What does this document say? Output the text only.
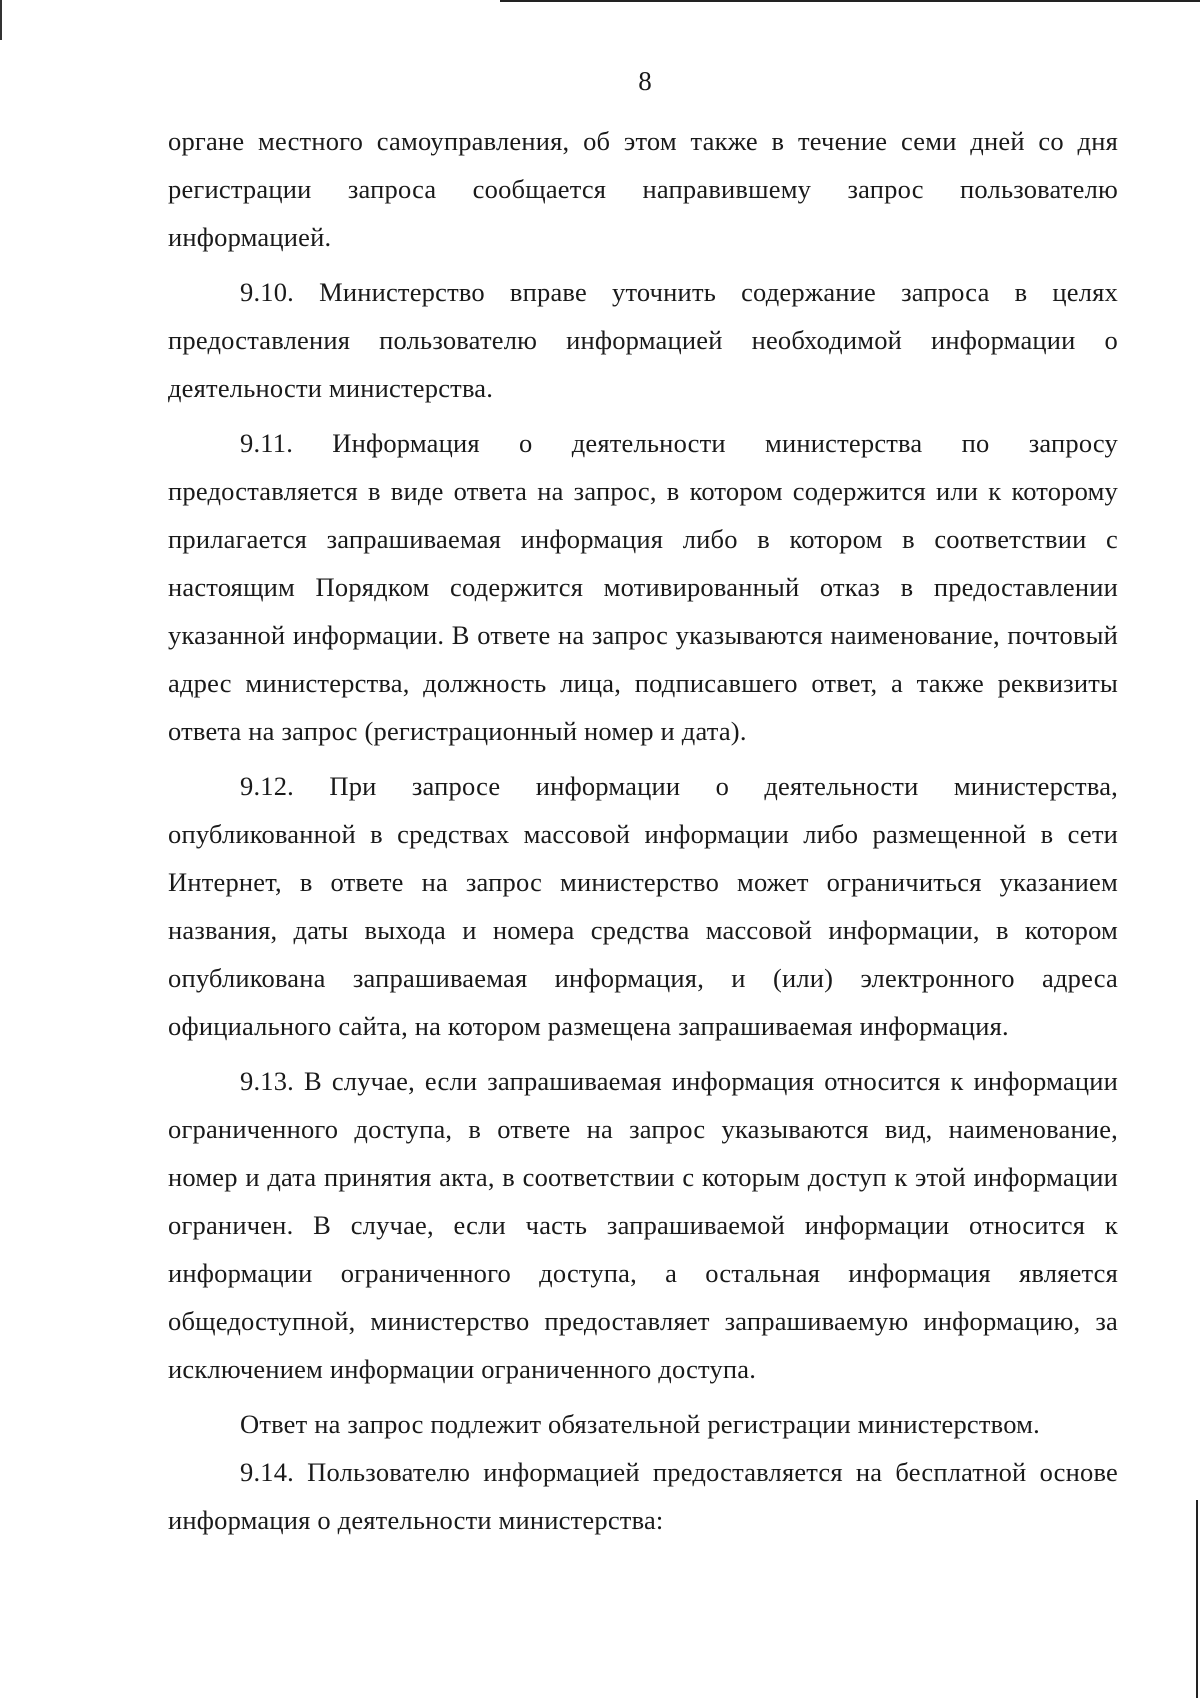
8

органе местного самоуправления, об этом также в течение семи дней со дня регистрации запроса сообщается направившему запрос пользователю информацией.

9.10. Министерство вправе уточнить содержание запроса в целях предоставления пользователю информацией необходимой информации о деятельности министерства.

9.11. Информация о деятельности министерства по запросу предоставляется в виде ответа на запрос, в котором содержится или к которому прилагается запрашиваемая информация либо в котором в соответствии с настоящим Порядком содержится мотивированный отказ в предоставлении указанной информации. В ответе на запрос указываются наименование, почтовый адрес министерства, должность лица, подписавшего ответ, а также реквизиты ответа на запрос (регистрационный номер и дата).

9.12. При запросе информации о деятельности министерства, опубликованной в средствах массовой информации либо размещенной в сети Интернет, в ответе на запрос министерство может ограничиться указанием названия, даты выхода и номера средства массовой информации, в котором опубликована запрашиваемая информация, и (или) электронного адреса официального сайта, на котором размещена запрашиваемая информация.

9.13. В случае, если запрашиваемая информация относится к информации ограниченного доступа, в ответе на запрос указываются вид, наименование, номер и дата принятия акта, в соответствии с которым доступ к этой информации ограничен. В случае, если часть запрашиваемой информации относится к информации ограниченного доступа, а остальная информация является общедоступной, министерство предоставляет запрашиваемую информацию, за исключением информации ограниченного доступа.

Ответ на запрос подлежит обязательной регистрации министерством.

9.14. Пользователю информацией предоставляется на бесплатной основе информация о деятельности министерства:
